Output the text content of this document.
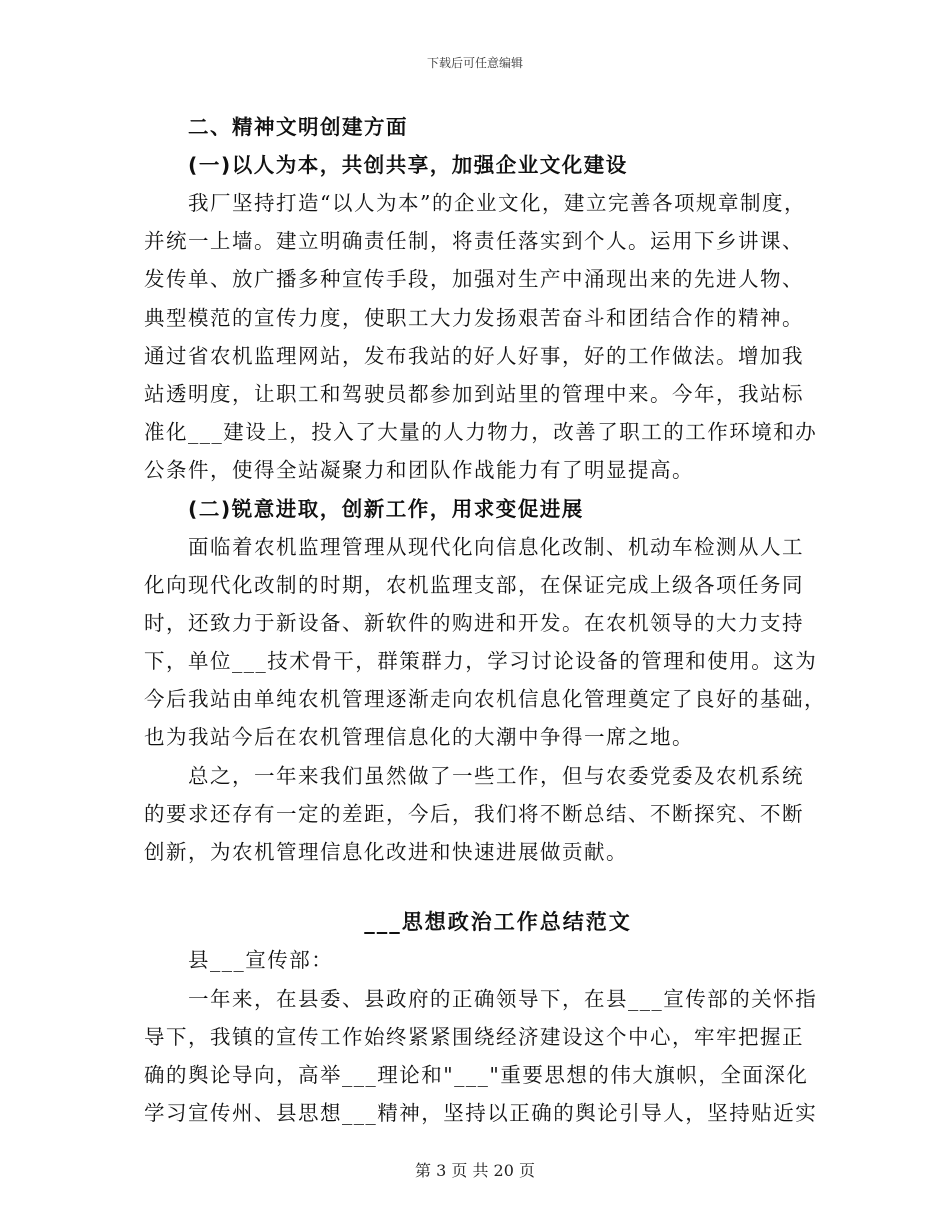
下载后可任意编辑
二、精神文明创建方面
(一)以人为本，共创共享，加强企业文化建设
我厂坚持打造“以人为本”的企业文化，建立完善各项规章制度，
并统一上墙。建立明确责任制，将责任落实到个人。运用下乡讲课、
发传单、放广播多种宣传手段，加强对生产中涌现出来的先进人物、
典型模范的宣传力度，使职工大力发扬艰苦奋斗和团结合作的精神。
通过省农机监理网站，发布我站的好人好事，好的工作做法。增加我
站透明度，让职工和驾驶员都参加到站里的管理中来。今年，我站标
准化___建设上，投入了大量的人力物力，改善了职工的工作环境和办
公条件，使得全站凝聚力和团队作战能力有了明显提高。
(二)锐意进取，创新工作，用求变促进展
面临着农机监理管理从现代化向信息化改制、机动车检测从人工
化向现代化改制的时期，农机监理支部，在保证完成上级各项任务同
时，还致力于新设备、新软件的购进和开发。在农机领导的大力支持
下，单位___技术骨干，群策群力，学习讨论设备的管理和使用。这为
今后我站由单纯农机管理逐渐走向农机信息化管理奠定了良好的基础，
也为我站今后在农机管理信息化的大潮中争得一席之地。
总之，一年来我们虽然做了一些工作，但与农委党委及农机系统
的要求还存有一定的差距，今后，我们将不断总结、不断探究、不断
创新，为农机管理信息化改进和快速进展做贡献。
___思想政治工作总结范文
县___宣传部：
一年来，在县委、县政府的正确领导下，在县___宣传部的关怀指
导下，我镇的宣传工作始终紧紧围绕经济建设这个中心，牢牢把握正
确的舆论导向，高举___理论和"___"重要思想的伟大旗帜，全面深化
学习宣传州、县思想___精神，坚持以正确的舆论引导人，坚持贴近实
第 3 页 共 20 页
